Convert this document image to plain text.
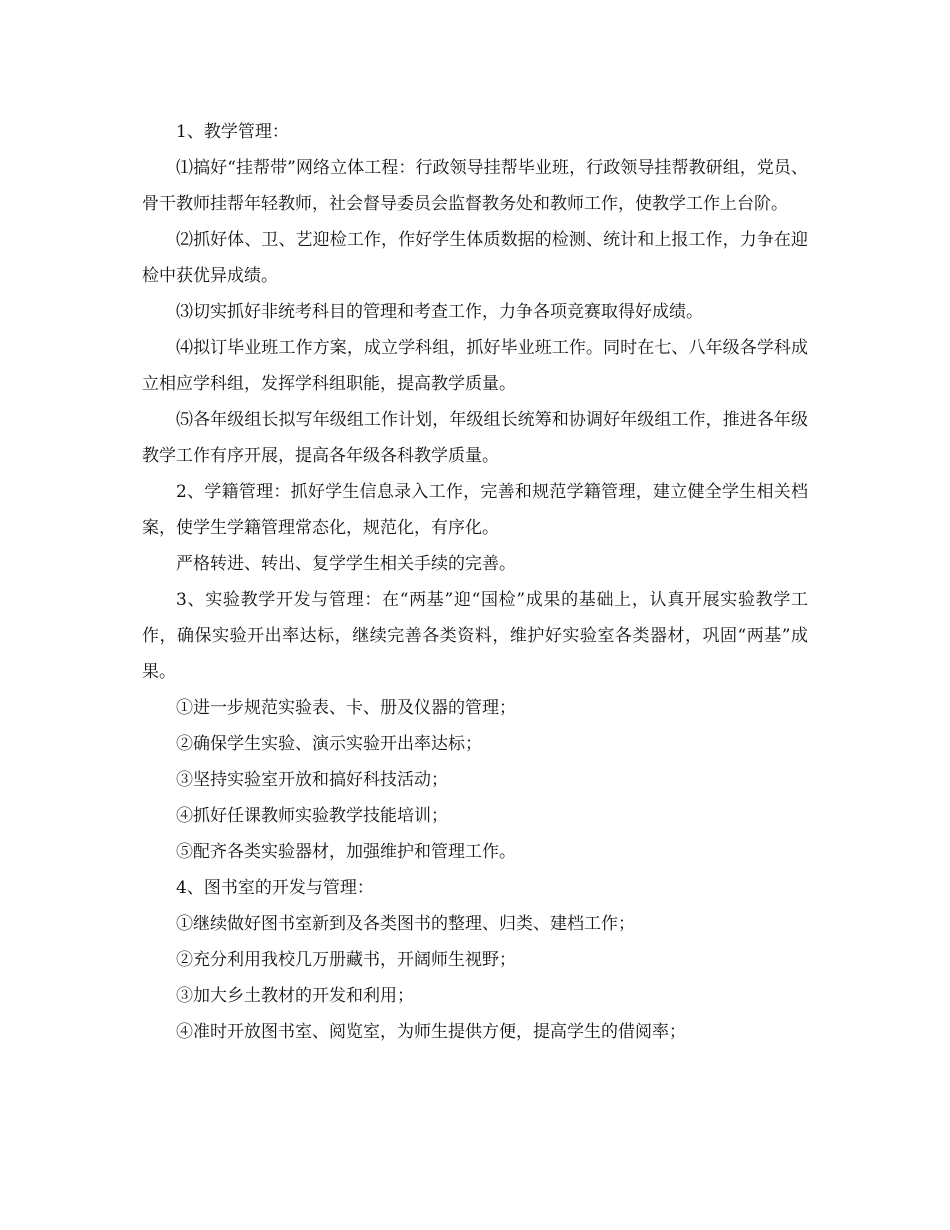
1、教学管理：

⑴搞好“挂帮带”网络立体工程：行政领导挂帮毕业班，行政领导挂帮教研组，党员、骨干教师挂帮年轻教师，社会督导委员会监督教务处和教师工作，使教学工作上台阶。

⑵抓好体、卫、艺迎检工作，作好学生体质数据的检测、统计和上报工作，力争在迎检中获优异成绩。

⑶切实抓好非统考科目的管理和考查工作，力争各项竞赛取得好成绩。

⑷拟订毕业班工作方案，成立学科组，抓好毕业班工作。同时在七、八年级各学科成立相应学科组，发挥学科组职能，提高教学质量。

⑸各年级组长拟写年级组工作计划，年级组长统筹和协调好年级组工作，推进各年级教学工作有序开展，提高各年级各科教学质量。

2、学籍管理：抓好学生信息录入工作，完善和规范学籍管理，建立健全学生相关档案，使学生学籍管理常态化，规范化，有序化。

严格转进、转出、复学学生相关手续的完善。

3、实验教学开发与管理：在“两基”迎“国检”成果的基础上，认真开展实验教学工作，确保实验开出率达标，继续完善各类资料，维护好实验室各类器材，巩固“两基”成果。

①进一步规范实验表、卡、册及仪器的管理；

②确保学生实验、演示实验开出率达标；

③坚持实验室开放和搞好科技活动；

④抓好任课教师实验教学技能培训；

⑤配齐各类实验器材，加强维护和管理工作。

4、图书室的开发与管理：

①继续做好图书室新到及各类图书的整理、归类、建档工作；

②充分利用我校几万册藏书，开阔师生视野；

③加大乡土教材的开发和利用；

④准时开放图书室、阅览室，为师生提供方便，提高学生的借阅率；
